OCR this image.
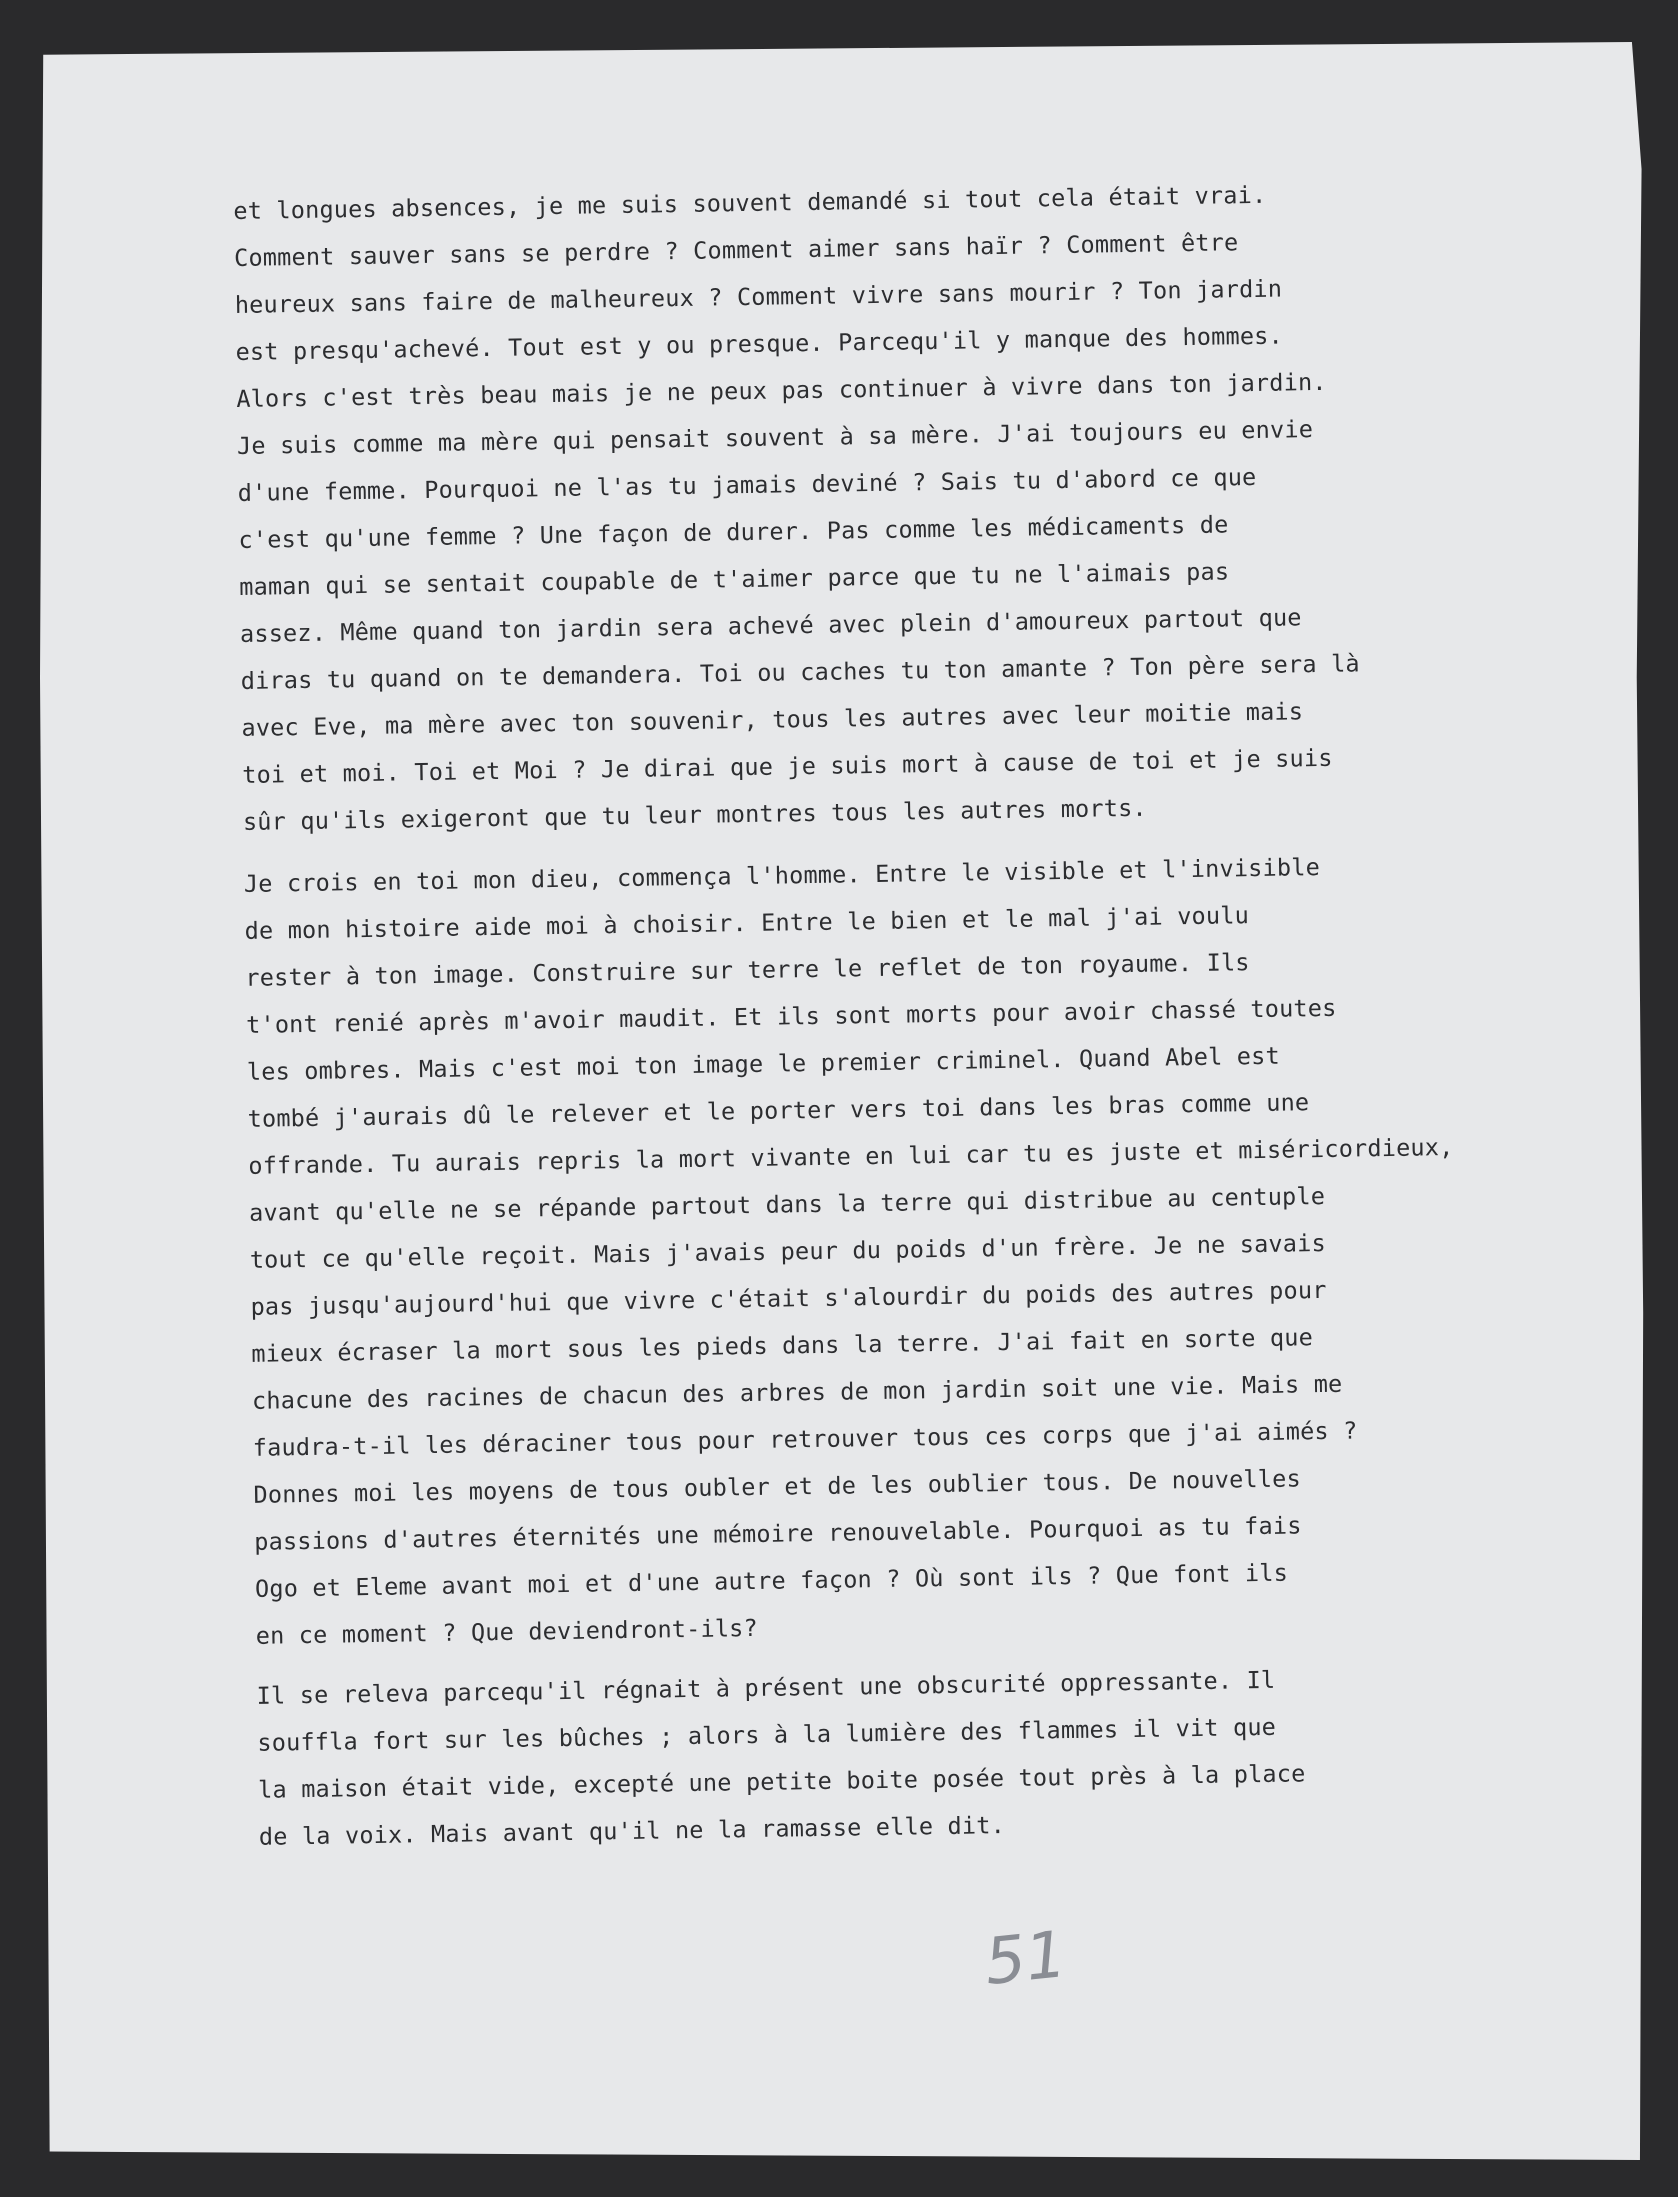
et longues absences, je me suis souvent demandé si tout cela était vrai.
Comment sauver sans se perdre ? Comment aimer sans haïr ? Comment être
heureux sans faire de malheureux ? Comment vivre sans mourir ? Ton jardin
est presqu'achevé. Tout est y ou presque. Parcequ'il y manque des hommes.
Alors c'est très beau mais je ne peux pas continuer à vivre dans ton jardin.
Je suis comme ma mère qui pensait souvent à sa mère. J'ai toujours eu envie
d'une femme. Pourquoi ne l'as tu jamais deviné ? Sais tu d'abord ce que
c'est qu'une femme ? Une façon de durer. Pas comme les médicaments de
maman qui se sentait coupable de t'aimer parce que tu ne l'aimais pas
assez. Même quand ton jardin sera achevé avec plein d'amoureux partout que
diras tu quand on te demandera. Toi ou caches tu ton amante ? Ton père sera là
avec Eve, ma mère avec ton souvenir, tous les autres avec leur moitie mais
toi et moi. Toi et Moi ? Je dirai que je suis mort à cause de toi et je suis
sûr qu'ils exigeront que tu leur montres tous les autres morts.
Je crois en toi mon dieu, commença l'homme. Entre le visible et l'invisible
de mon histoire aide moi à choisir. Entre le bien et le mal j'ai voulu
rester à ton image. Construire sur terre le reflet de ton royaume. Ils
t'ont renié après m'avoir maudit. Et ils sont morts pour avoir chassé toutes
les ombres. Mais c'est moi ton image le premier criminel. Quand Abel est
tombé j'aurais dû le relever et le porter vers toi dans les bras comme une
offrande. Tu aurais repris la mort vivante en lui car tu es juste et miséricordieux,
avant qu'elle ne se répande partout dans la terre qui distribue au centuple
tout ce qu'elle reçoit. Mais j'avais peur du poids d'un frère. Je ne savais
pas jusqu'aujourd'hui que vivre c'était s'alourdir du poids des autres pour
mieux écraser la mort sous les pieds dans la terre. J'ai fait en sorte que
chacune des racines de chacun des arbres de mon jardin soit une vie. Mais me
faudra-t-il les déraciner tous pour retrouver tous ces corps que j'ai aimés ?
Donnes moi les moyens de tous oubler et de les oublier tous. De nouvelles
passions d'autres éternités une mémoire renouvelable. Pourquoi as tu fais
Ogo et Eleme avant moi et d'une autre façon ? Où sont ils ? Que font ils
en ce moment ? Que deviendront-ils?
Il se releva parcequ'il régnait à présent une obscurité oppressante. Il
souffla fort sur les bûches ; alors à la lumière des flammes il vit que
la maison était vide, excepté une petite boite posée tout près à la place
de la voix. Mais avant qu'il ne la ramasse elle dit.
51
